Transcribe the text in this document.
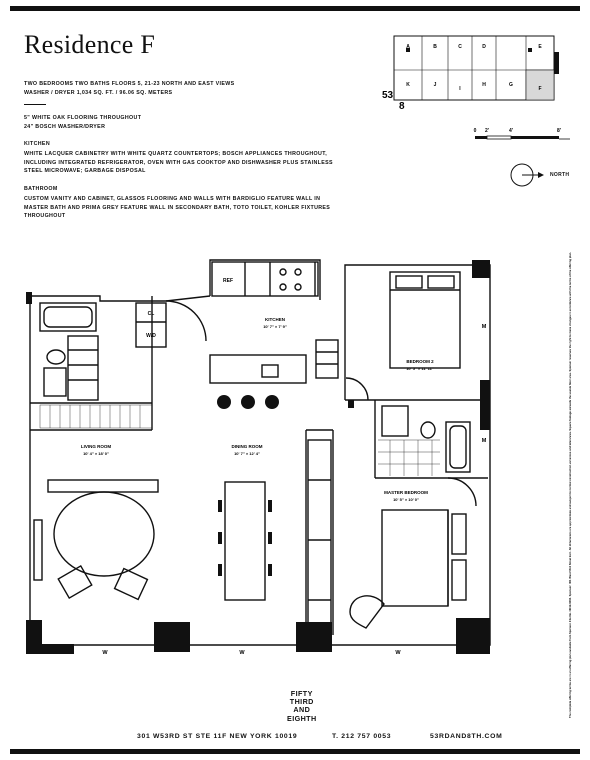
Residence F
TWO BEDROOMS TWO BATHS FLOORS 5, 21-23 NORTH AND EAST VIEWS
WASHER / DRYER 1,034 SQ. FT. / 96.06 SQ. METERS
5" WHITE OAK FLOORING THROUGHOUT
24" BOSCH WASHER/DRYER
KITCHEN
WHITE LACQUER CABINETRY WITH WHITE QUARTZ COUNTERTOPS; BOSCH APPLIANCES THROUGHOUT, INCLUDING INTEGRATED REFRIGERATOR, OVEN WITH GAS COOKTOP AND DISHWASHER PLUS STAINLESS STEEL MICROWAVE; GARBAGE DISPOSAL
BATHROOM
CUSTOM VANITY AND CABINET, GLASSOS FLOORING AND WALLS WITH BARDIGLIO FEATURE WALL IN MASTER BATH AND PRIMA GREY FEATURE WALL IN SECONDARY BATH, TOTO TOILET, KOHLER FIXTURES THROUGHOUT
A	B	C	D	E
K	J
I
H	G
F
53
8
0 2'	4'	8'
NORTH
REF
CL
W/D
KITCHEN
10' 7" × 7' 9"
BEDROOM 2
10' 5" × 11' 11"
LIVING ROOM
10' 4" × 18' 0"
DINING ROOM
10' 7" × 12' 4"
MASTER BEDROOM
10' 5" × 10' 0"
W	W	W
M
M
FIFTY
THIRD
AND
EIGHTH
301 W53RD ST STE 11F NEW YORK 10019	T. 212 757 0053	53RDAND8TH.COM
The complete offering terms are in an offering plan available from Sponsor. File No. CD12-0202. Sponsor: 301 West 53rd Street LLC. All dimensions are approximate and subject to normal construction variances and tolerances. Square footage exceeds the usable floor area. Sponsor reserves the right to make changes in accordance with the terms of the offering plan.
